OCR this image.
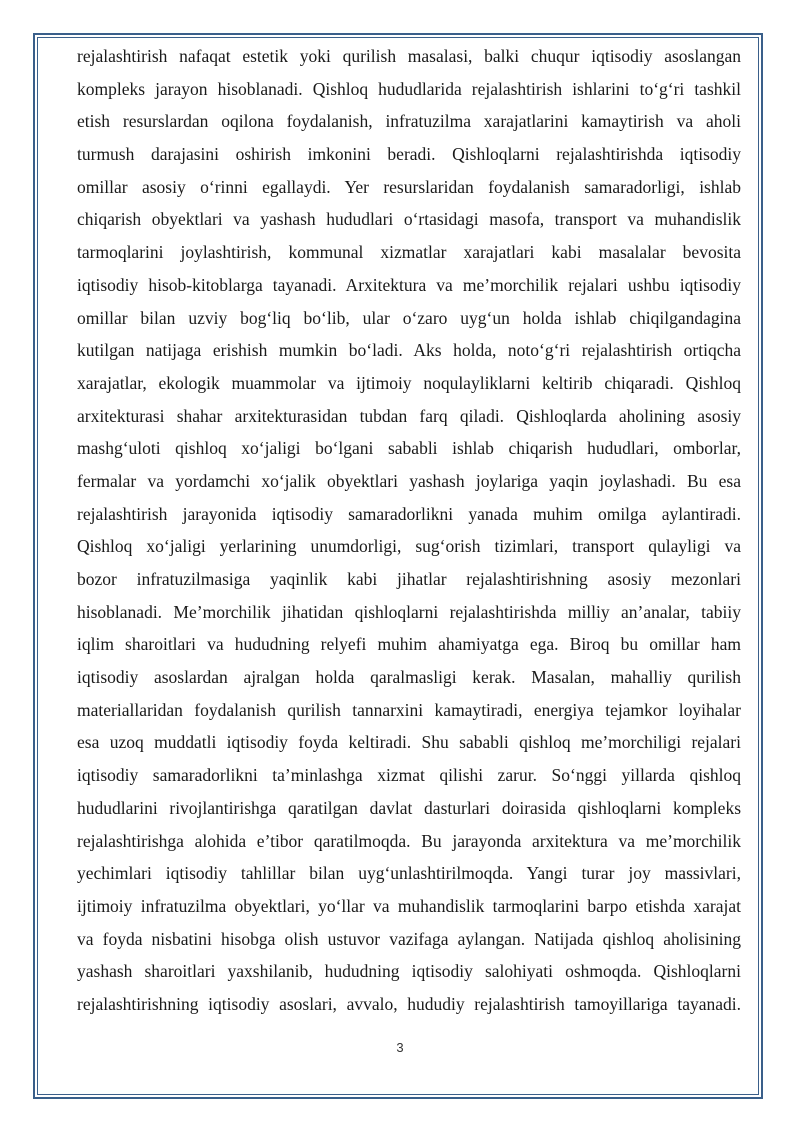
rejalashtirish nafaqat estetik yoki qurilish masalasi, balki chuqur iqtisodiy asoslangan
kompleks jarayon hisoblanadi. Qishloq hududlarida rejalashtirish ishlarini to‘g‘ri tashkil
etish resurslardan oqilona foydalanish, infratuzilma xarajatlarini kamaytirish va aholi
turmush darajasini oshirish imkonini beradi. Qishloqlarni rejalashtirishda iqtisodiy
omillar asosiy o‘rinni egallaydi. Yer resurslaridan foydalanish samaradorligi, ishlab
chiqarish obyektlari va yashash hududlari o‘rtasidagi masofa, transport va muhandislik
tarmoqlarini joylashtirish, kommunal xizmatlar xarajatlari kabi masalalar bevosita
iqtisodiy hisob-kitoblarga tayanadi. Arxitektura va me’morchilik rejalari ushbu iqtisodiy
omillar bilan uzviy bog‘liq bo‘lib, ular o‘zaro uyg‘un holda ishlab chiqilgandagina
kutilgan natijaga erishish mumkin bo‘ladi. Aks holda, noto‘g‘ri rejalashtirish ortiqcha
xarajatlar, ekologik muammolar va ijtimoiy noqulayliklarni keltirib chiqaradi. Qishloq
arxitekturasi shahar arxitekturasidan tubdan farq qiladi. Qishloqlarda aholining asosiy
mashg‘uloti qishloq xo‘jaligi bo‘lgani sababli ishlab chiqarish hududlari, omborlar,
fermalar va yordamchi xo‘jalik obyektlari yashash joylariga yaqin joylashadi. Bu esa
rejalashtirish jarayonida iqtisodiy samaradorlikni yanada muhim omilga aylantiradi.
Qishloq xo‘jaligi yerlarining unumdorligi, sug‘orish tizimlari, transport qulayligi va
bozor infratuzilmasiga yaqinlik kabi jihatlar rejalashtirishning asosiy mezonlari
hisoblanadi. Me’morchilik jihatidan qishloqlarni rejalashtirishda milliy an’analar, tabiiy
iqlim sharoitlari va hududning relyefi muhim ahamiyatga ega. Biroq bu omillar ham
iqtisodiy asoslardan ajralgan holda qaralmasligi kerak. Masalan, mahalliy qurilish
materiallaridan foydalanish qurilish tannarxini kamaytiradi, energiya tejamkor loyihalar
esa uzoq muddatli iqtisodiy foyda keltiradi. Shu sababli qishloq me’morchiligi rejalari
iqtisodiy samaradorlikni ta’minlashga xizmat qilishi zarur. So‘nggi yillarda qishloq
hududlarini rivojlantirishga qaratilgan davlat dasturlari doirasida qishloqlarni kompleks
rejalashtirishga alohida e’tibor qaratilmoqda. Bu jarayonda arxitektura va me’morchilik
yechimlari iqtisodiy tahlillar bilan uyg‘unlashtirilmoqda. Yangi turar joy massivlari,
ijtimoiy infratuzilma obyektlari, yo‘llar va muhandislik tarmoqlarini barpo etishda xarajat
va foyda nisbatini hisobga olish ustuvor vazifaga aylangan. Natijada qishloq aholisining
yashash sharoitlari yaxshilanib, hududning iqtisodiy salohiyati oshmoqda. Qishloqlarni
rejalashtirishning iqtisodiy asoslari, avvalo, hududiy rejalashtirish tamoyillariga tayanadi.
3
